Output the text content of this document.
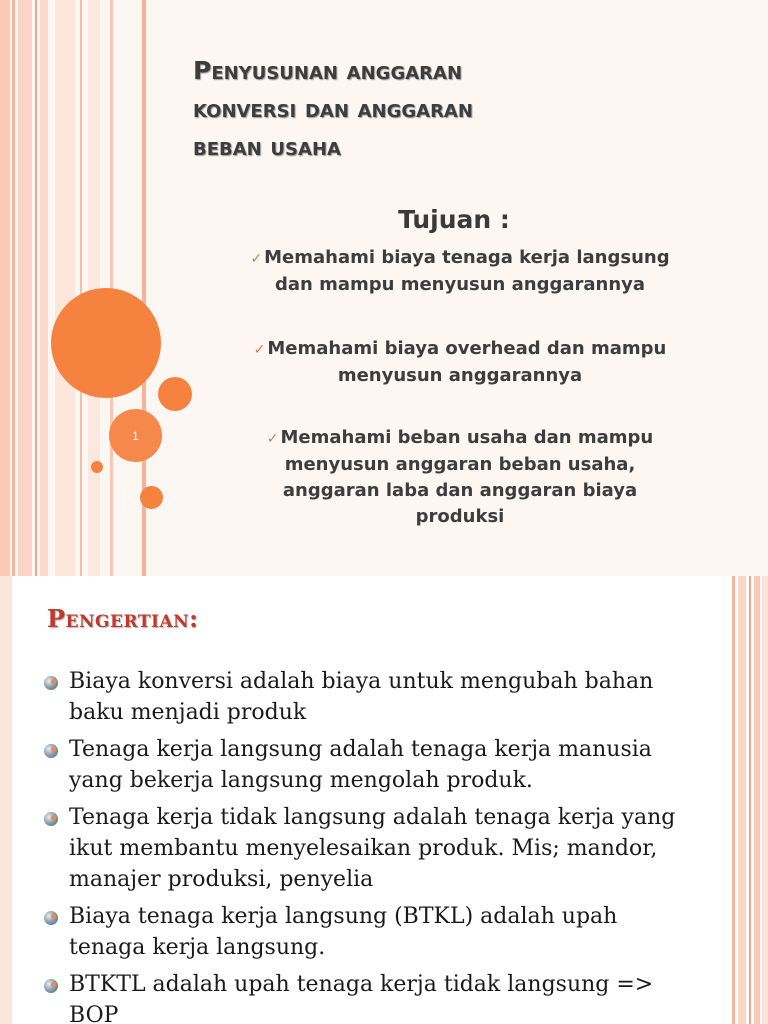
1
Penyusunan anggaran
konversi dan anggaran
beban usaha
Tujuan :
✓ Memahami biaya tenaga kerja langsung
dan mampu menyusun anggarannya
✓ Memahami biaya overhead dan mampu
menyusun anggarannya
✓ Memahami beban usaha dan mampu
menyusun anggaran beban usaha,
anggaran laba dan anggaran biaya
produksi
Pengertian:
Biaya konversi adalah biaya untuk mengubah bahan
baku menjadi produk
Tenaga kerja langsung adalah tenaga kerja manusia
yang bekerja langsung mengolah produk.
Tenaga kerja tidak langsung adalah tenaga kerja yang
ikut membantu menyelesaikan produk. Mis; mandor,
manajer produksi, penyelia
Biaya tenaga kerja langsung (BTKL) adalah upah
tenaga kerja langsung.
BTKTL adalah upah tenaga kerja tidak langsung =>
BOP
